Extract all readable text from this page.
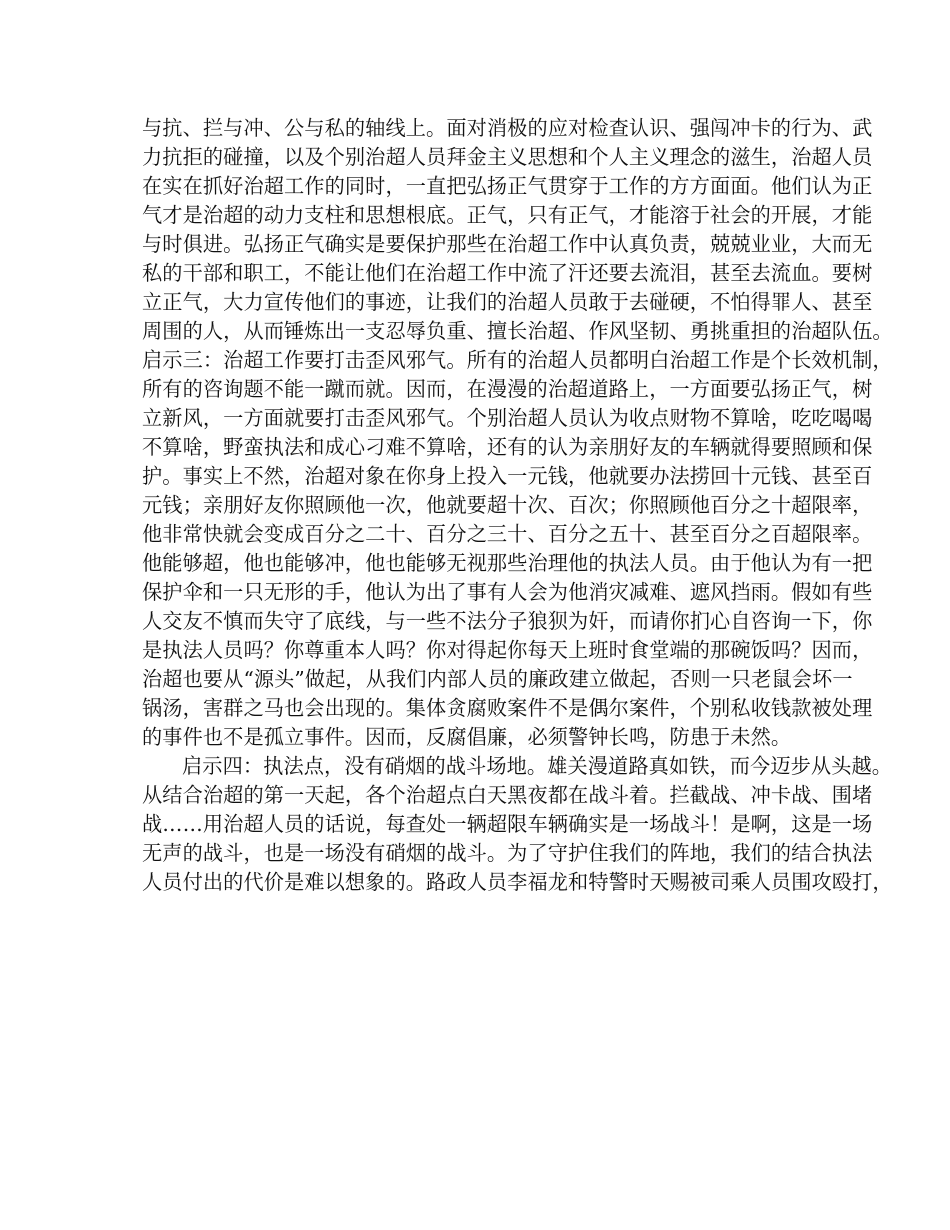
与抗、拦与冲、公与私的轴线上。面对消极的应对检查认识、强闯冲卡的行为、武
力抗拒的碰撞，以及个别治超人员拜金主义思想和个人主义理念的滋生，治超人员
在实在抓好治超工作的同时，一直把弘扬正气贯穿于工作的方方面面。他们认为正
气才是治超的动力支柱和思想根底。正气，只有正气，才能溶于社会的开展，才能
与时俱进。弘扬正气确实是要保护那些在治超工作中认真负责，兢兢业业，大而无
私的干部和职工，不能让他们在治超工作中流了汗还要去流泪，甚至去流血。要树
立正气，大力宣传他们的事迹，让我们的治超人员敢于去碰硬，不怕得罪人、甚至
周围的人，从而锤炼出一支忍辱负重、擅长治超、作风坚韧、勇挑重担的治超队伍。
启示三：治超工作要打击歪风邪气。所有的治超人员都明白治超工作是个长效机制，
所有的咨询题不能一蹴而就。因而，在漫漫的治超道路上，一方面要弘扬正气，树
立新风，一方面就要打击歪风邪气。个别治超人员认为收点财物不算啥，吃吃喝喝
不算啥，野蛮执法和成心刁难不算啥，还有的认为亲朋好友的车辆就得要照顾和保
护。事实上不然，治超对象在你身上投入一元钱，他就要办法捞回十元钱、甚至百
元钱；亲朋好友你照顾他一次，他就要超十次、百次；你照顾他百分之十超限率，
他非常快就会变成百分之二十、百分之三十、百分之五十、甚至百分之百超限率。
他能够超，他也能够冲，他也能够无视那些治理他的执法人员。由于他认为有一把
保护伞和一只无形的手，他认为出了事有人会为他消灾减难、遮风挡雨。假如有些
人交友不慎而失守了底线，与一些不法分子狼狈为奸，而请你扪心自咨询一下，你
是执法人员吗？你尊重本人吗？你对得起你每天上班时食堂端的那碗饭吗？因而，
治超也要从“源头”做起，从我们内部人员的廉政建立做起，否则一只老鼠会坏一
锅汤，害群之马也会出现的。集体贪腐败案件不是偶尔案件，个别私收钱款被处理
的事件也不是孤立事件。因而，反腐倡廉，必须警钟长鸣，防患于未然。
启示四：执法点，没有硝烟的战斗场地。雄关漫道路真如铁，而今迈步从头越。
从结合治超的第一天起，各个治超点白天黑夜都在战斗着。拦截战、冲卡战、围堵
战……用治超人员的话说，每查处一辆超限车辆确实是一场战斗！是啊，这是一场
无声的战斗，也是一场没有硝烟的战斗。为了守护住我们的阵地，我们的结合执法
人员付出的代价是难以想象的。路政人员李福龙和特警时天赐被司乘人员围攻殴打，
